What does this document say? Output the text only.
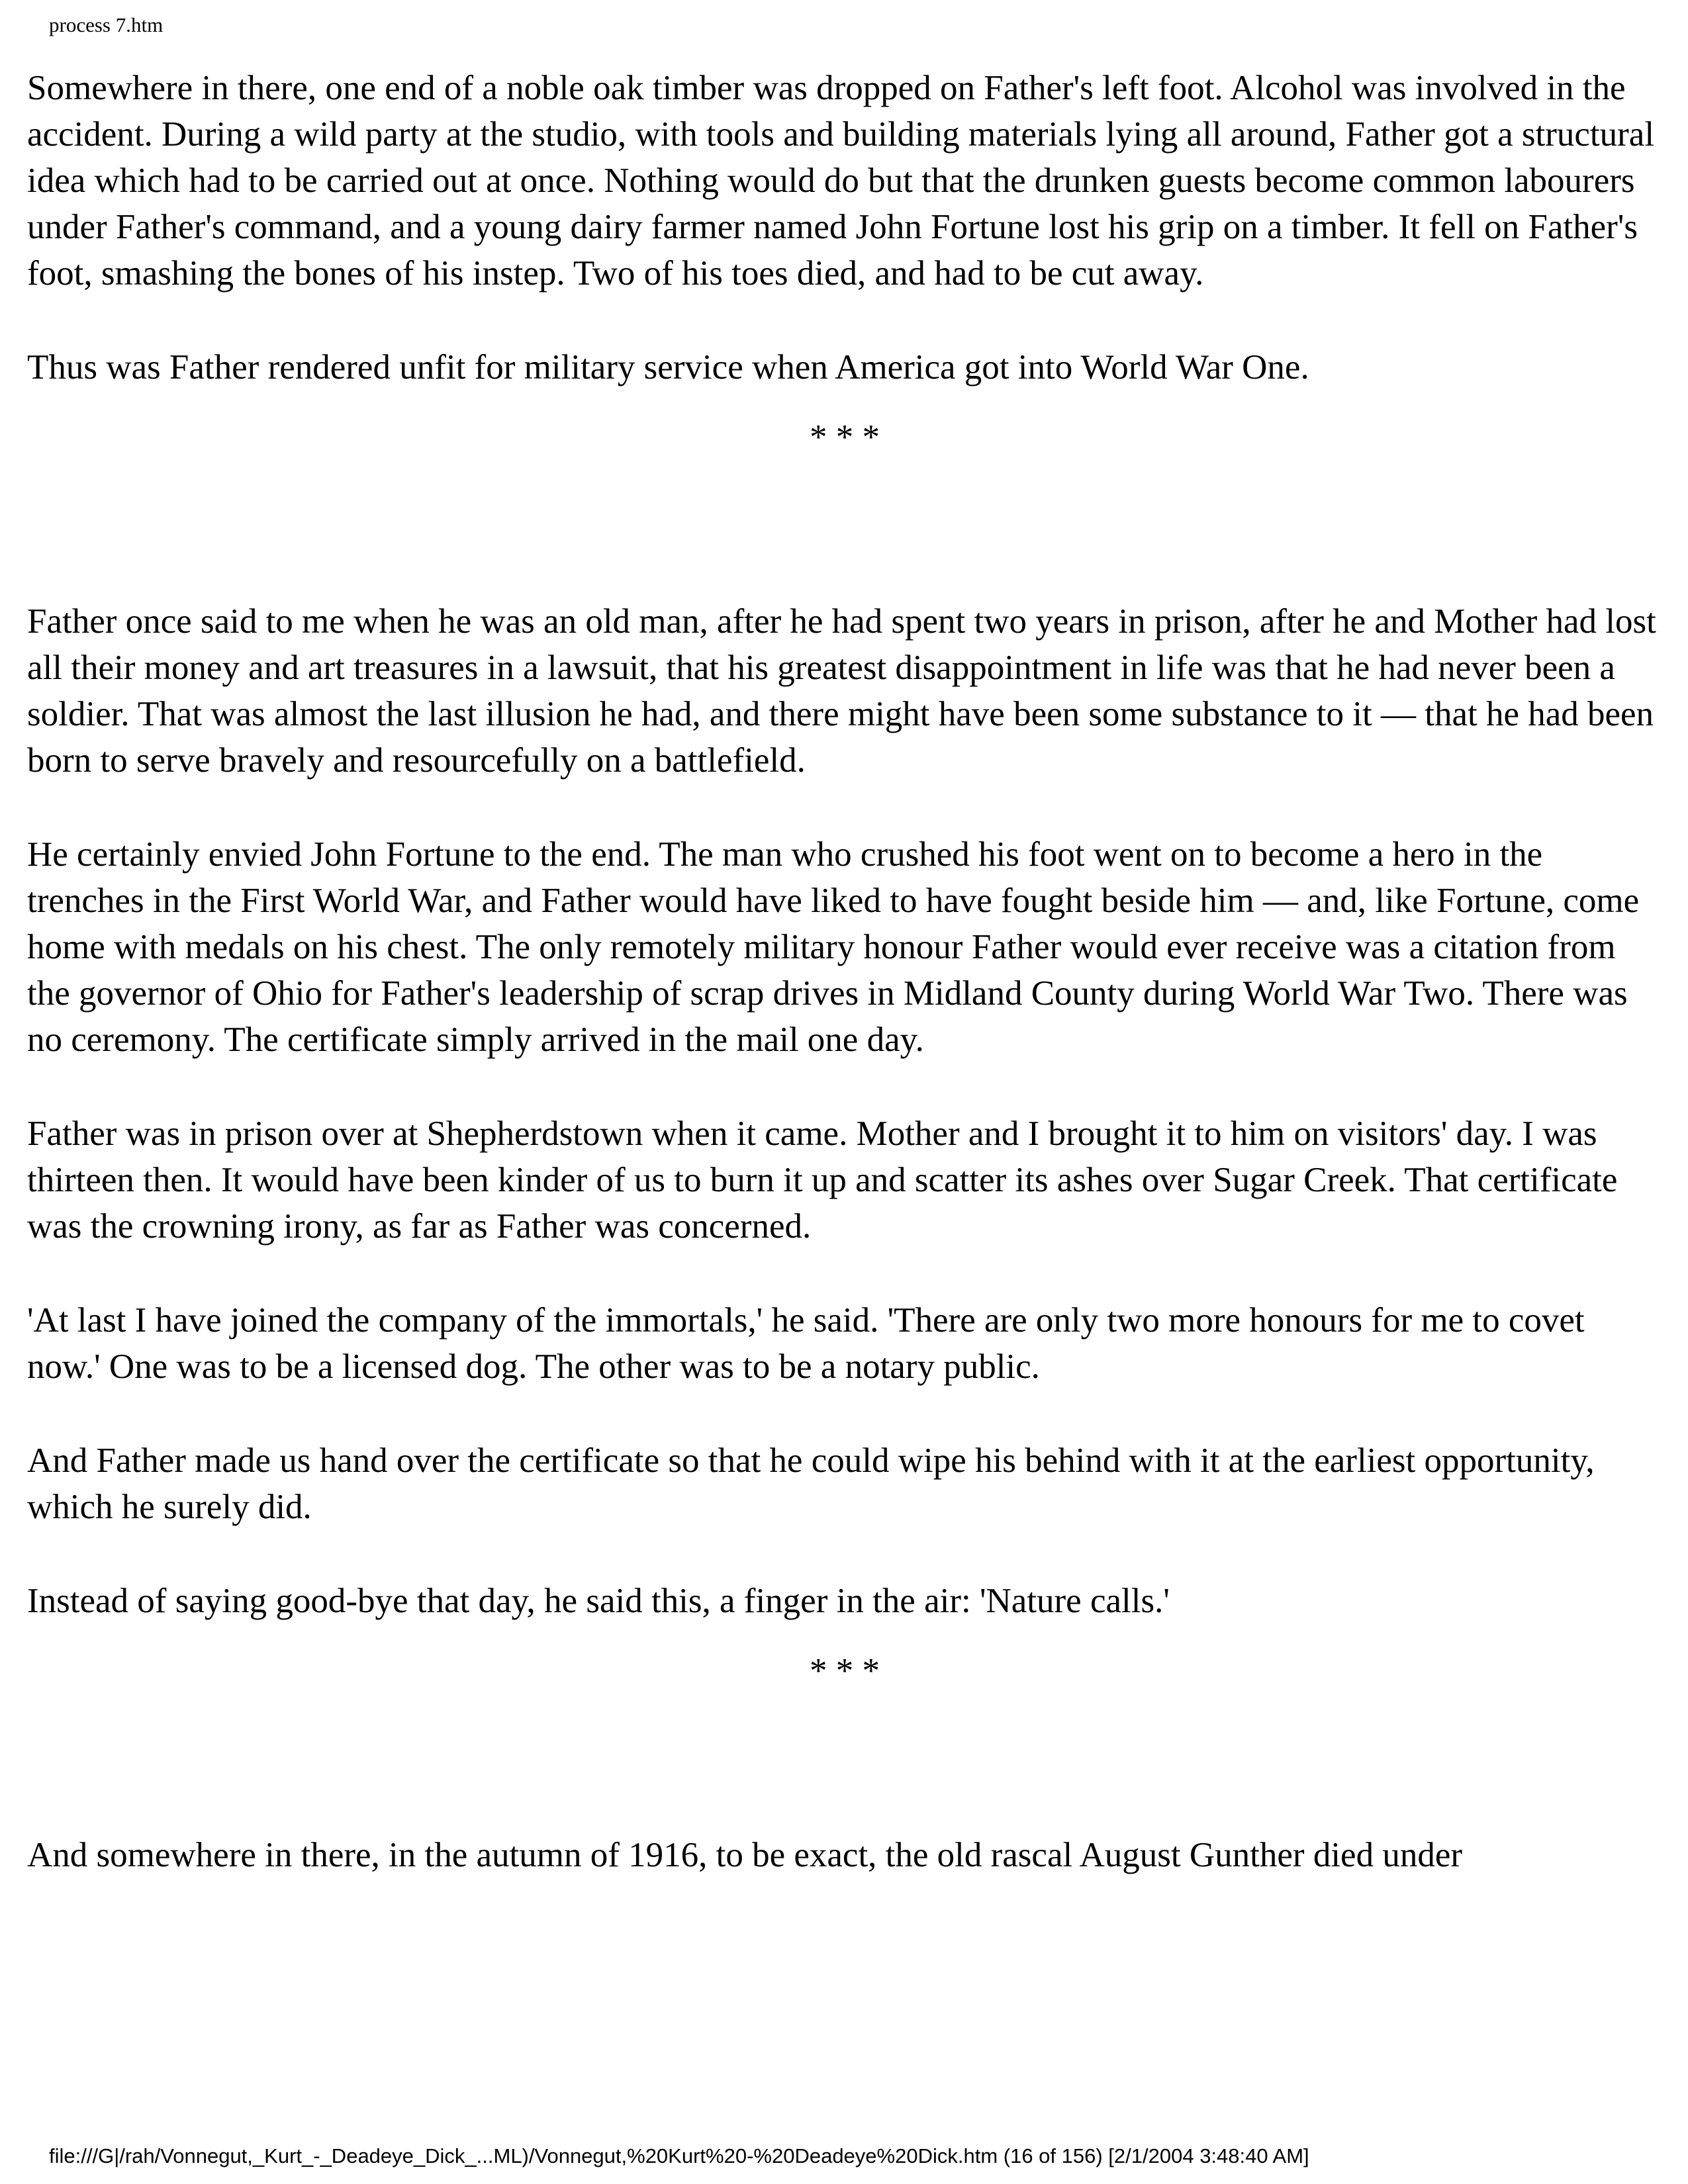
process 7.htm

Somewhere in there, one end of a noble oak timber was dropped on Father's left foot. Alcohol was involved in the accident. During a wild party at the studio, with tools and building materials lying all around, Father got a structural idea which had to be carried out at once. Nothing would do but that the drunken guests become common labourers under Father's command, and a young dairy farmer named John Fortune lost his grip on a timber. It fell on Father's foot, smashing the bones of his instep. Two of his toes died, and had to be cut away.

Thus was Father rendered unfit for military service when America got into World War One.

* * *

Father once said to me when he was an old man, after he had spent two years in prison, after he and Mother had lost all their money and art treasures in a lawsuit, that his greatest disappointment in life was that he had never been a soldier. That was almost the last illusion he had, and there might have been some substance to it — that he had been born to serve bravely and resourcefully on a battlefield.

He certainly envied John Fortune to the end. The man who crushed his foot went on to become a hero in the trenches in the First World War, and Father would have liked to have fought beside him — and, like Fortune, come home with medals on his chest. The only remotely military honour Father would ever receive was a citation from the governor of Ohio for Father's leadership of scrap drives in Midland County during World War Two. There was no ceremony. The certificate simply arrived in the mail one day.

Father was in prison over at Shepherdstown when it came. Mother and I brought it to him on visitors' day. I was thirteen then. It would have been kinder of us to burn it up and scatter its ashes over Sugar Creek. That certificate was the crowning irony, as far as Father was concerned.

'At last I have joined the company of the immortals,' he said. 'There are only two more honours for me to covet now.' One was to be a licensed dog. The other was to be a notary public.

And Father made us hand over the certificate so that he could wipe his behind with it at the earliest opportunity, which he surely did.

Instead of saying good-bye that day, he said this, a finger in the air: 'Nature calls.'

* * *

And somewhere in there, in the autumn of 1916, to be exact, the old rascal August Gunther died under

file:///G|/rah/Vonnegut,_Kurt_-_Deadeye_Dick_...ML)/Vonnegut,%20Kurt%20-%20Deadeye%20Dick.htm (16 of 156) [2/1/2004 3:48:40 AM]
